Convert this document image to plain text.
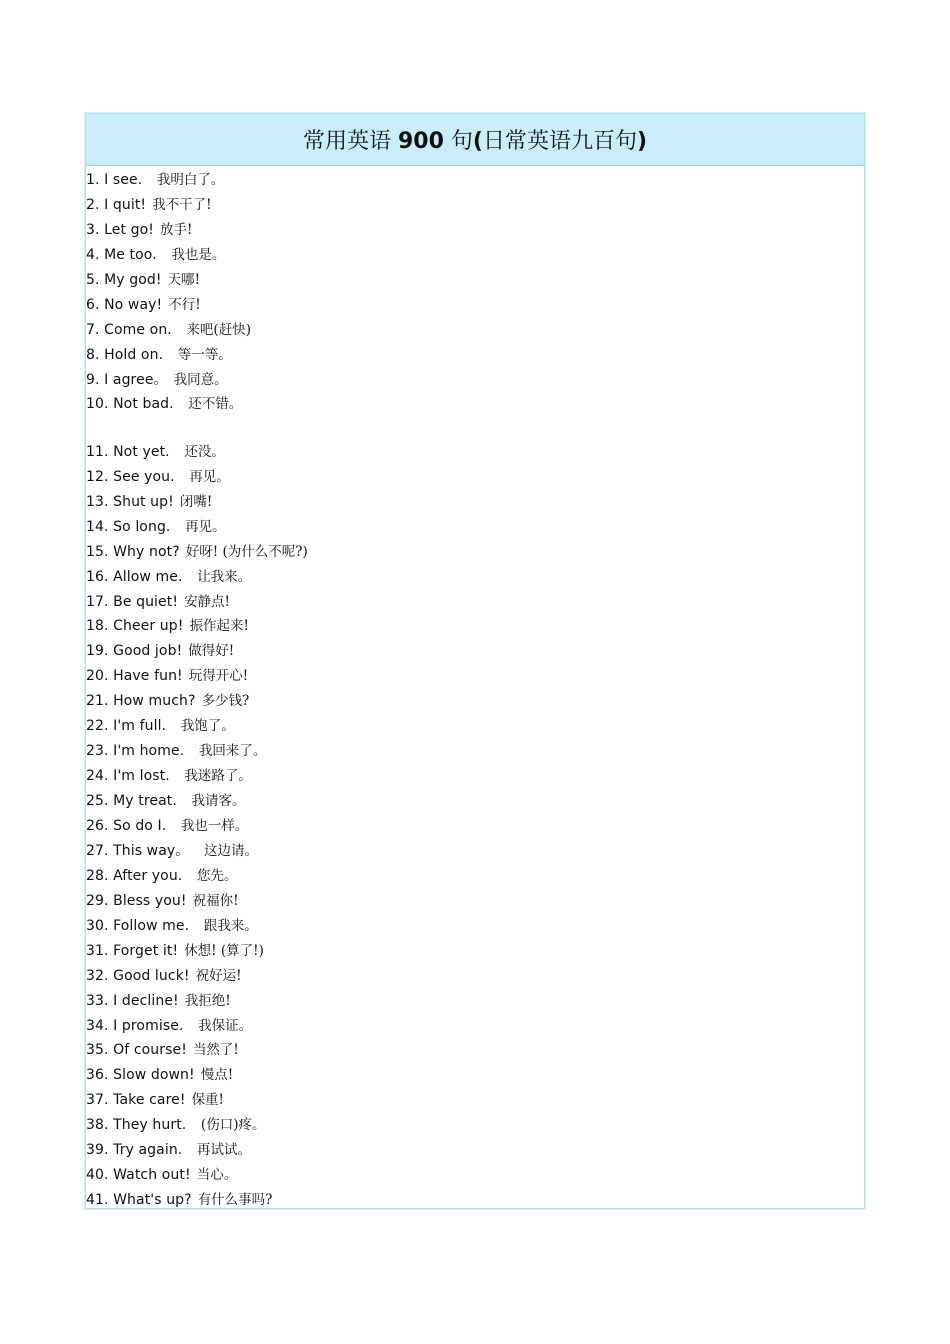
常用英语 900 句(日常英语九百句)
1. I see.  我明白了。
2. I quit! 我不干了!
3. Let go! 放手!
4. Me too.  我也是。
5. My god! 天哪!
6. No way! 不行!
7. Come on.  来吧(赶快)
8. Hold on.  等一等。
9. I agree。 我同意。
10. Not bad.  还不错。
11. Not yet.  还没。
12. See you.  再见。
13. Shut up! 闭嘴!
14. So long.  再见。
15. Why not? 好呀! (为什么不呢?)
16. Allow me.  让我来。
17. Be quiet! 安静点!
18. Cheer up! 振作起来!
19. Good job! 做得好!
20. Have fun! 玩得开心!
21. How much? 多少钱?
22. I'm full.  我饱了。
23. I'm home.  我回来了。
24. I'm lost.  我迷路了。
25. My treat.  我请客。
26. So do I.  我也一样。
27. This way。  这边请。
28. After you.  您先。
29. Bless you! 祝福你!
30. Follow me.  跟我来。
31. Forget it! 休想! (算了!)
32. Good luck! 祝好运!
33. I decline! 我拒绝!
34. I promise.  我保证。
35. Of course! 当然了!
36. Slow down! 慢点!
37. Take care! 保重!
38. They hurt.  (伤口)疼。
39. Try again.  再试试。
40. Watch out! 当心。
41. What's up? 有什么事吗?
